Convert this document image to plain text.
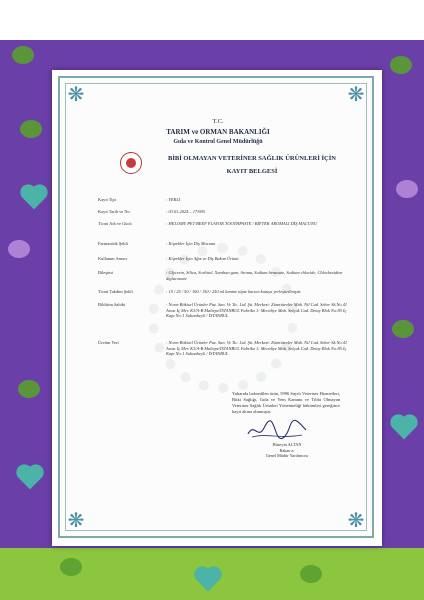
❋	❋
❋	❋
T.C.
TARIM ve ORMAN BAKANLIĞI
Gıda ve Kontrol Genel Müdürlüğü
BİBİ OLMAYAN VETERİNER SAĞLIK ÜRÜNLERİ İÇİN
KAYIT BELGESİ
Kayıt Tipi	: YERLİ
Kayıt Tarih ve No	: 03.01.2024 – 17/695
Ticari Adı ve Gücü	: HELOMY PET BEEF FLAVOR TOOTHPASTE / BİFTEK AROMALI DİŞ MACUNU
Farmasötik Şekli	: Köpekler İçin Diş Macunu
Kullanım Amacı	: Köpekler İçin Ağız ve Diş Bakım Ürünü
Bileşimi	: Glycerin, Silica, Sorbitol, Xanthan gum, Aroma, Sodium benzoate, Sodium chloride, Chlorhexidine digluconate
Ticari Takdim Şekli	: 15 / 25 / 50 / 100 / 150 / 250 ml lamine tüpte karton kutuya yerleştirilmiştir.
Bildirim Sahibi	: Norm Bitkisel Ürünler Paz. San. Ve Tic. Ltd. Şti. Merkezi: Zümrütevler Mah. Nil Cad. Seher Sk.No.41 Arası İç Mer. K3/A-B Maltepe/İSTANBUL Fabrika 1: Mecidiye Mah. Selçuk Cad. Detay Blok No:85 İç Kapı No:1 Sultanbeyli / İSTANBUL
Üretim Yeri	: Norm Bitkisel Ürünler Paz. San. Ve Tic. Ltd. Şti. Merkezi: Zümrütevler Mah. Nil Cad. Seher Sk.No.41 Arası İç Mer. K3/A-B Maltepe/İSTANBUL Fabrika 1: Mecidiye Mah. Selçuk Cad. Detay Blok No:85 İç Kapı No:1 Sultanbeyli / İSTANBUL
Yukarıda bahsedilen ürün, 5996 Sayılı Veteriner Hizmetleri, Bitki Sağlığı, Gıda ve Yem Kanunu ve Tıbbi Olmayan Veteriner Sağlık Ürünleri Yönetmeliği hükümleri gereğince kayıt altına alınmıştır.
Hüseyin ALTAN
Bakan a.
Genel Müdür Yardımcısı
